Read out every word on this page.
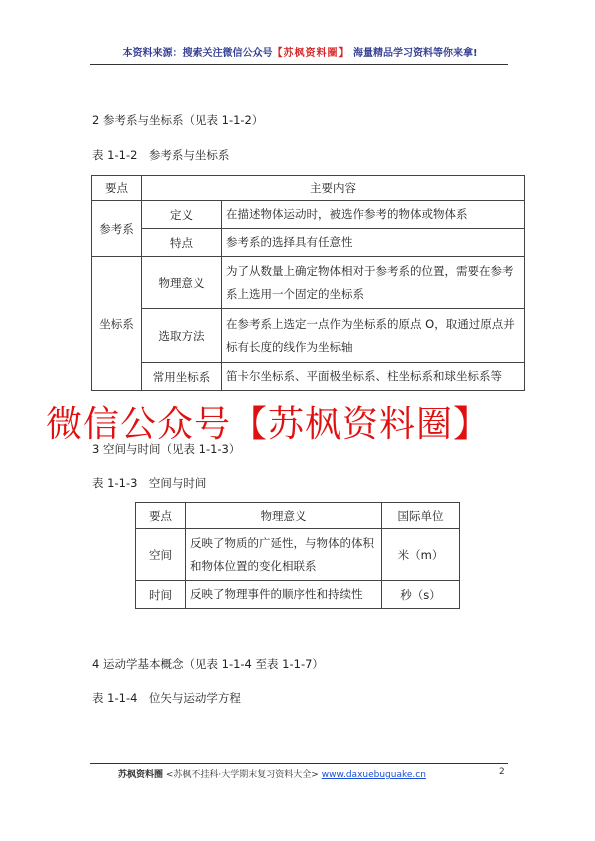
本资料来源：搜索关注微信公众号【苏枫资料圈】 海量精品学习资料等你来拿!
2 参考系与坐标系（见表 1-1-2）
表 1-1-2　参考系与坐标系
要点	主要内容	
参考系	定义	在描述物体运动时，被选作参考的物体或物体系
	特点	参考系的选择具有任意性
坐标系	物理意义	为了从数量上确定物体相对于参考系的位置，需要在参考系上选用一个固定的坐标系
	选取方法	在参考系上选定一点作为坐标系的原点 O，取通过原点并标有长度的线作为坐标轴
	常用坐标系	笛卡尔坐标系、平面极坐标系、柱坐标系和球坐标系等
微信公众号【苏枫资料圈】
3 空间与时间（见表 1-1-3）
表 1-1-3　空间与时间
要点	物理意义	国际单位
空间	反映了物质的广延性，与物体的体积和物体位置的变化相联系	米（m）
时间	反映了物理事件的顺序性和持续性	秒（s）
4 运动学基本概念（见表 1-1-4 至表 1-1-7）
表 1-1-4　位矢与运动学方程
苏枫资料圈 <苏枫不挂科·大学期末复习资料大全> www.daxuebuguake.cn	2
